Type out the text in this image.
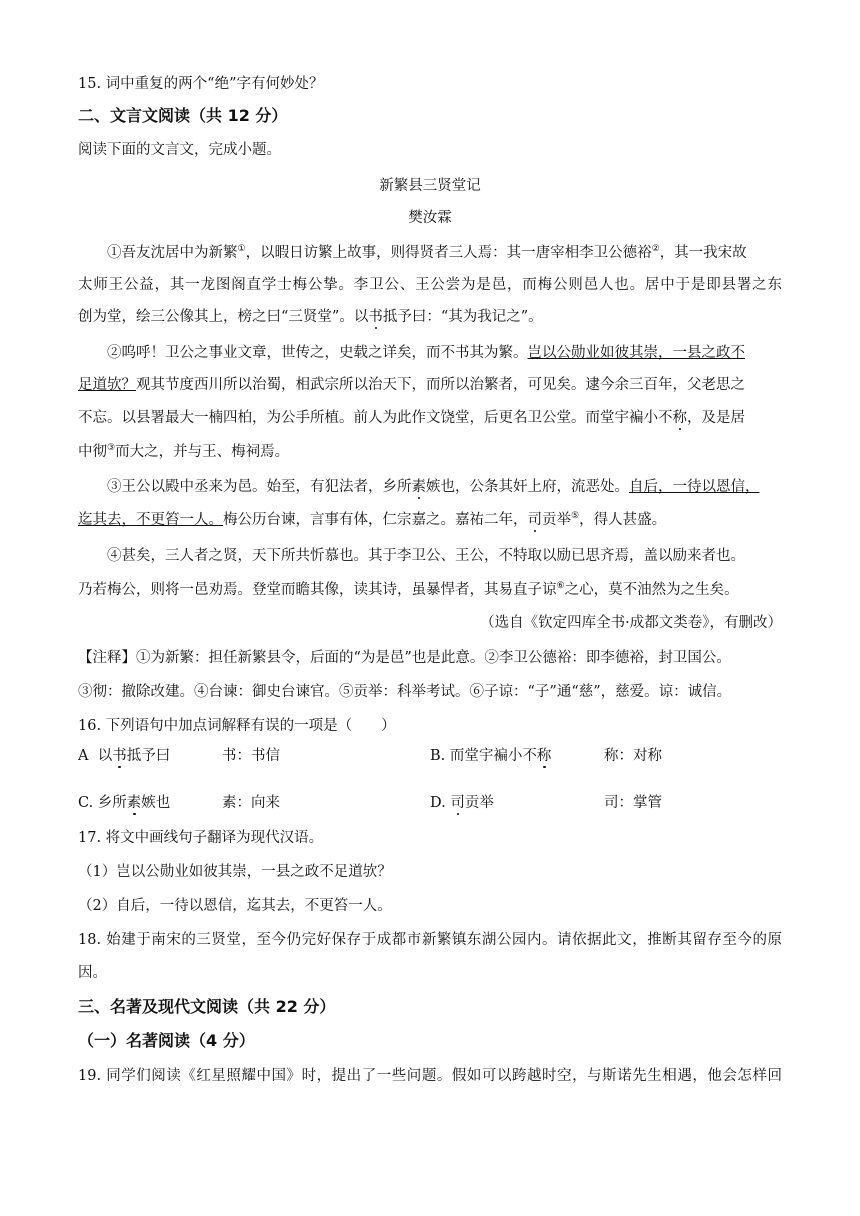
15. 词中重复的两个“绝”字有何妙处？
二、文言文阅读（共 12 分）
阅读下面的文言文，完成小题。
新繁县三贤堂记
樊汝霖
①吾友沈居中为新繁①，以暇日访繁上故事，则得贤者三人焉：其一唐宰相李卫公德裕②，其一我宋故
太师王公益，其一龙图阁直学士梅公挚。李卫公、王公尝为是邑，而梅公则邑人也。居中于是即县署之东
创为堂，绘三公像其上，榜之曰“三贤堂”。以书抵予曰：“其为我记之”。
②呜呼！卫公之事业文章，世传之，史载之详矣，而不书其为繁。岂以公勋业如彼其崇，一县之政不
足道欤？观其节度西川所以治蜀，相武宗所以治天下，而所以治繁者，可见矣。逮今余三百年，父老思之
不忘。以县署最大一楠四柏，为公手所植。前人为此作文饶堂，后更名卫公堂。而堂宇褊小不称，及是居
中彻③而大之，并与王、梅祠焉。
③王公以殿中丞来为邑。始至，有犯法者，乡所素嫉也，公条其奸上府，流恶处。自后，一待以恩信，
迄其去，不更笞一人。梅公历台谏，言事有体，仁宗嘉之。嘉祐二年，司贡举⑤，得人甚盛。
④甚矣，三人者之贤，天下所共忻慕也。其于李卫公、王公，不特取以励已思齐焉，盖以励来者也。
乃若梅公，则将一邑劝焉。登堂而瞻其像，读其诗，虽暴悍者，其易直子谅⑥之心，莫不油然为之生矣。
（选自《钦定四库全书·成都文类卷》，有删改）
【注释】①为新繁：担任新繁县令，后面的“为是邑”也是此意。②李卫公德裕：即李德裕，封卫国公。
③彻：撤除改建。④台谏：御史台谏官。⑤贡举：科举考试。⑥子谅：“子”通“慈”，慈爱。谅：诚信。
16. 下列语句中加点词解释有误的一项是（　　）
A 以书抵予曰	书：书信	B. 而堂宇褊小不称	称：对称
C. 乡所素嫉也	素：向来	D. 司贡举	司：掌管
17. 将文中画线句子翻译为现代汉语。
（1）岂以公勋业如彼其崇，一县之政不足道欤？
（2）自后，一待以恩信，迄其去，不更笞一人。
18. 始建于南宋的三贤堂，至今仍完好保存于成都市新繁镇东湖公园内。请依据此文，推断其留存至今的原
因。
三、名著及现代文阅读（共 22 分）
（一）名著阅读（4 分）
19. 同学们阅读《红星照耀中国》时，提出了一些问题。假如可以跨越时空，与斯诺先生相遇，他会怎样回
